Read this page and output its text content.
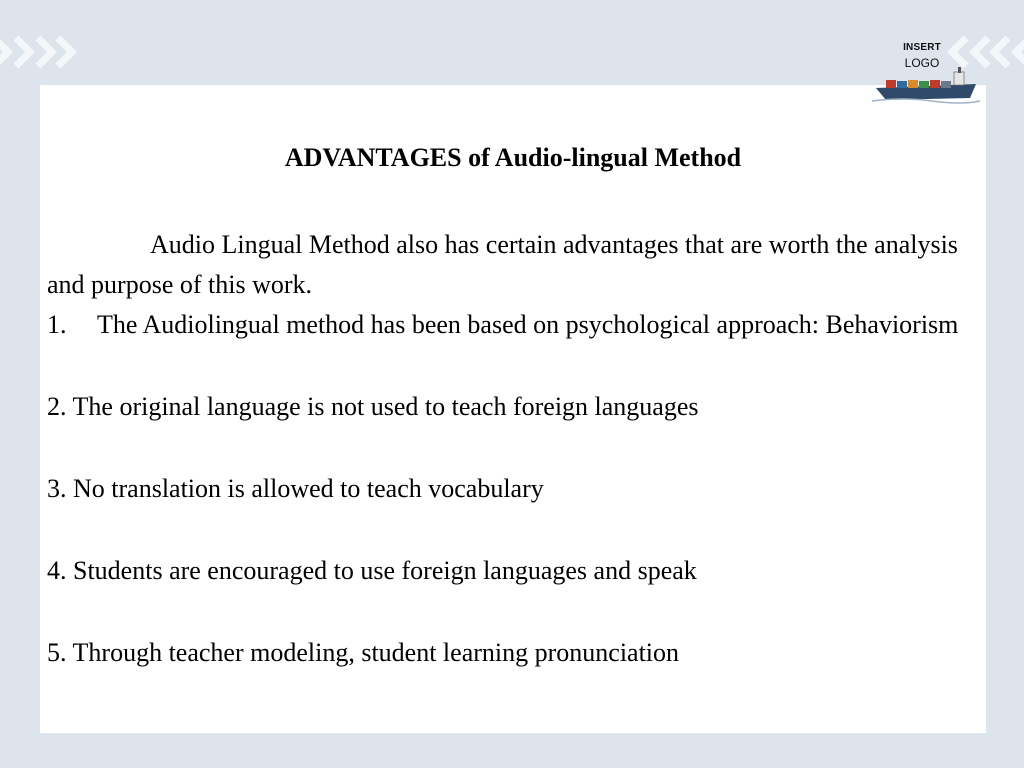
INSERT
LOGO
ADVANTAGES of Audio-lingual Method

Audio Lingual Method also has certain advantages that are worth the analysis and purpose of this work.

1.	The Audiolingual method has been based on psychological approach: Behaviorism

2. The original language is not used to teach foreign languages

3. No translation is allowed to teach vocabulary

4. Students are encouraged to use foreign languages and speak

5. Through teacher modeling, student learning pronunciation
